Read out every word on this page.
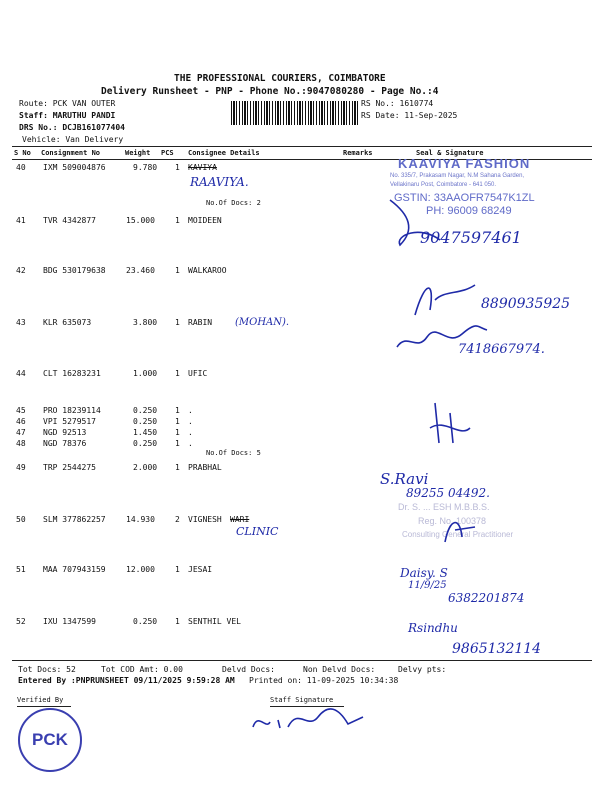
THE PROFESSIONAL COURIERS, COIMBATORE
Delivery Runsheet - PNP - Phone No.:9047080280 - Page No.:4
Route: PCK VAN OUTER
Staff: MARUTHU PANDI
DRS No.: DCJB161077404
Vehicle: Van Delivery
RS No.: 1610774
RS Date: 11-Sep-2025
S No Consignment No	Weight PCS Consignee Details	Remarks	Seal & Signature
40 IXM 509004876	9.780 1 KAVIYA
No.Of Docs: 2
41 TVR 4342877	15.000	1 MOIDEEN
42 BDG 530179638	23.460	1 WALKAROO
43 KLR 635073	3.800 1 RABIN
44 CLT 16283231	1.000 1 UFIC
45 PRO 18239114	0.250 1 .
46 VPI 5279517	0.250 1 .
47 NGD 92513	1.450 1 .
48 NGD 78376	0.250 1 .
No.Of Docs: 5
49 TRP 2544275	2.000 1 PRABHAL
50 SLM 377862257	14.930	2 VIGNESH WARI
51 MAA 707943159	12.000	1 JESAI
52 IXU 1347599	0.250 1 SENTHIL VEL
KAAVIYA FASHION
No. 335/7, Prakasam Nagar, N.M Sahana Garden,
Vellakinaru Post, Coimbatore - 641 050.
GSTIN: 33AAOFR7547K1ZL
PH: 96009 68249
Dr. S. ... ESH M.B.B.S.
Reg. No. 100378
Consulting General Practitioner
RAAVIYA.
9047597461
8890935925
(MOHAN).
7418667974.
S.Ravi
89255 04492.
CLINIC
Daisy. S
11/9/25
6382201874
Rsindhu
9865132114
Tot Docs: 52	Tot COD Amt: 0.00	Delvd Docs:	Non Delvd Docs:	Delvy pts:
Entered By :PNPRUNSHEET 09/11/2025 9:59:28 AM Printed on: 11-09-2025 10:34:38
Verified By	Staff Signature
PCK
